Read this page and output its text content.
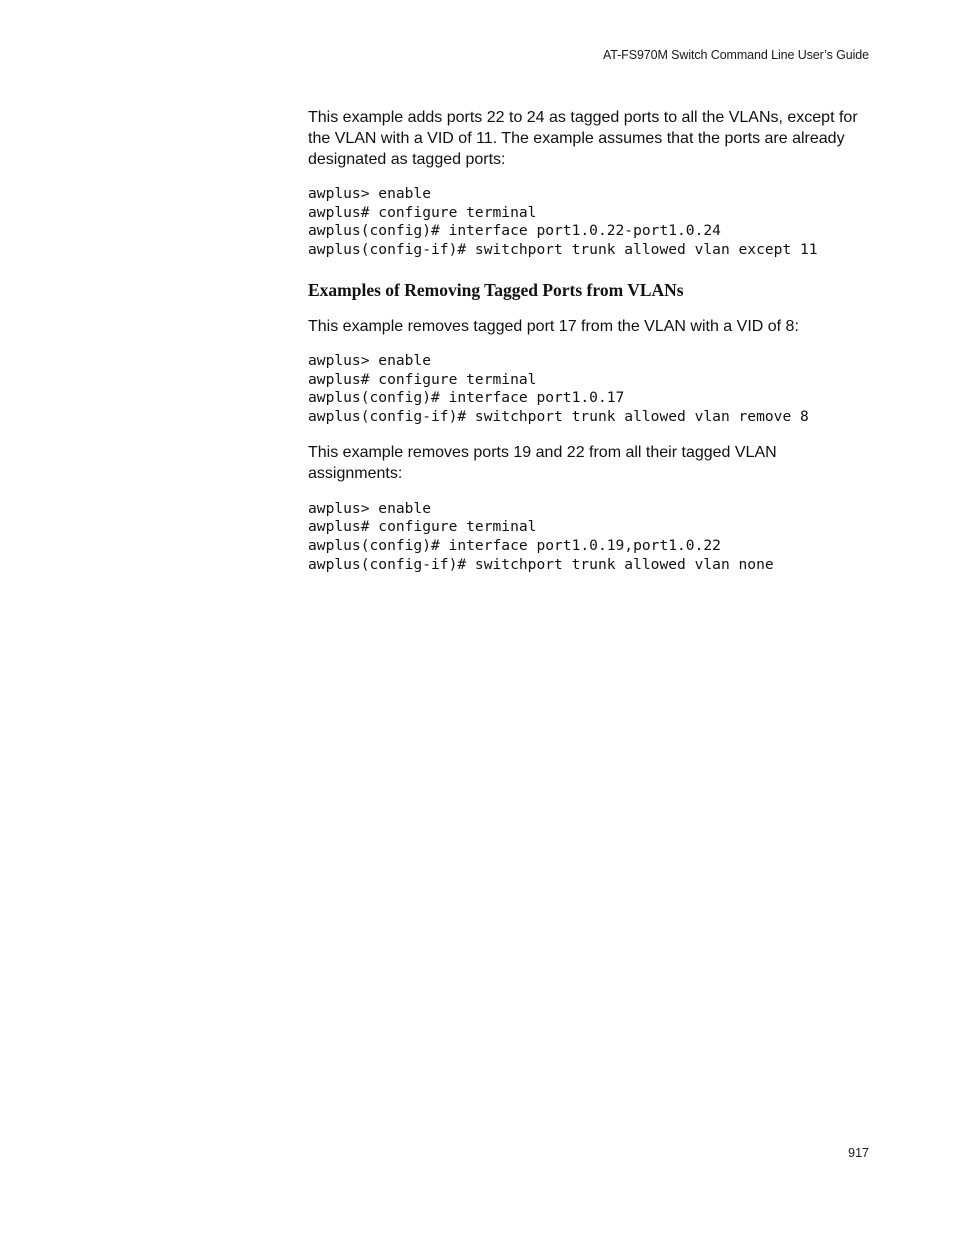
AT-FS970M Switch Command Line User’s Guide

This example adds ports 22 to 24 as tagged ports to all the VLANs, except for the VLAN with a VID of 11. The example assumes that the ports are already designated as tagged ports:

awplus> enable
awplus# configure terminal
awplus(config)# interface port1.0.22-port1.0.24
awplus(config-if)# switchport trunk allowed vlan except 11
Examples of Removing Tagged Ports from VLANs

This example removes tagged port 17 from the VLAN with a VID of 8:

awplus> enable
awplus# configure terminal
awplus(config)# interface port1.0.17
awplus(config-if)# switchport trunk allowed vlan remove 8

This example removes ports 19 and 22 from all their tagged VLAN assignments:

awplus> enable
awplus# configure terminal
awplus(config)# interface port1.0.19,port1.0.22
awplus(config-if)# switchport trunk allowed vlan none
917
